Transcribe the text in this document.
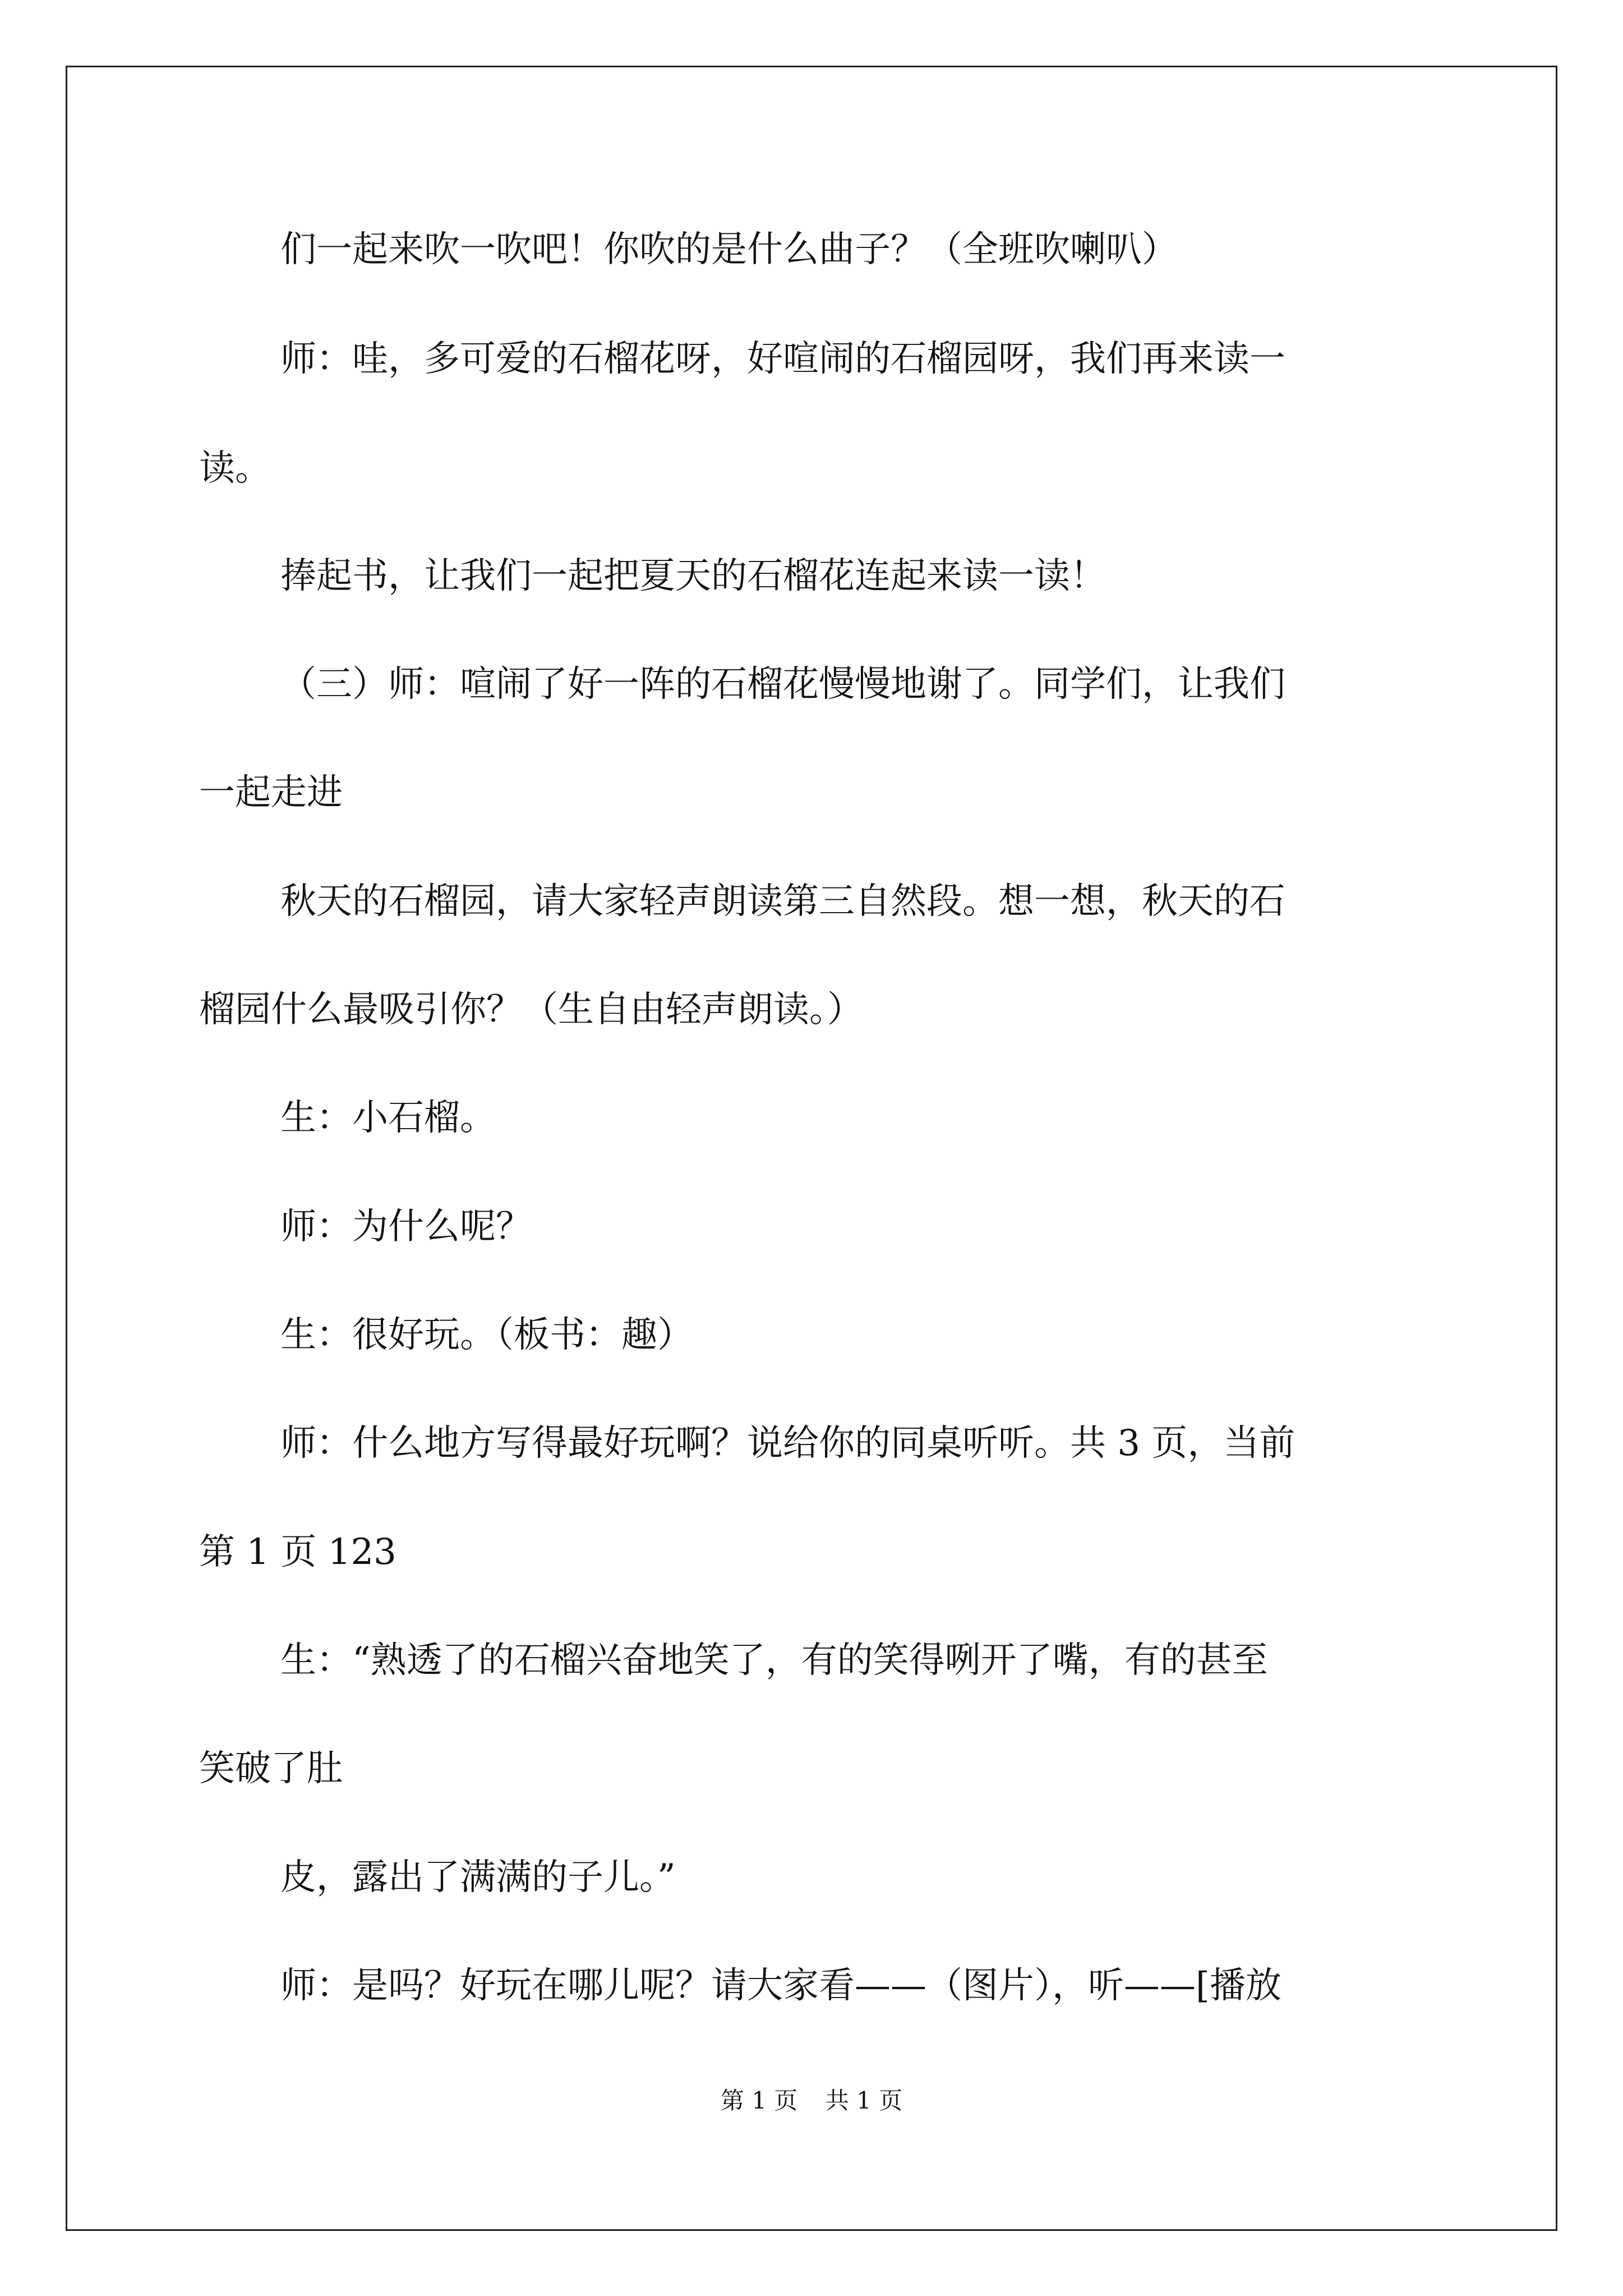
们一起来吹一吹吧！你吹的是什么曲子？（全班吹喇叭）
师：哇，多可爱的石榴花呀，好喧闹的石榴园呀，我们再来读一
读。
捧起书，让我们一起把夏天的石榴花连起来读一读！
（三）师：喧闹了好一阵的石榴花慢慢地谢了。同学们，让我们
一起走进
秋天的石榴园，请大家轻声朗读第三自然段。想一想，秋天的石
榴园什么最吸引你？（生自由轻声朗读。）
生：小石榴。
师：为什么呢？
生：很好玩。（板书：趣）
师：什么地方写得最好玩啊？说给你的同桌听听。共 3 页，当前
第 1 页 123
生：“熟透了的石榴兴奋地笑了，有的笑得咧开了嘴，有的甚至
笑破了肚
皮，露出了满满的子儿。”
师：是吗？好玩在哪儿呢？请大家看——（图片），听——[播放
第 1 页 共 1 页
